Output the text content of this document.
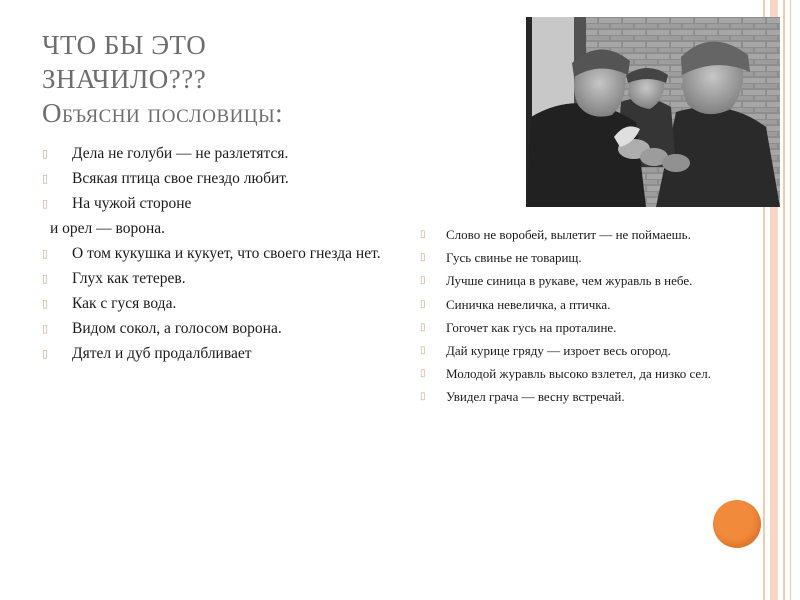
ЧТО БЫ ЭТО
ЗНАЧИЛО???
Объясни пословицы:
▯	Дела не голуби — не разлетятся.
▯	Всякая птица свое гнездо любит.
▯	На чужой стороне
и орел — ворона.
▯	О том кукушка и кукует, что своего гнезда нет.
▯	Глух как тетерев.
▯	Как с гуся вода.
▯	Видом сокол, а голосом ворона.
▯	Дятел и дуб продалбливает
▯	Слово не воробей, вылетит — не поймаешь.
▯	Гусь свинье не товарищ.
▯	Лучше синица в рукаве, чем журавль в небе.
▯	Синичка невеличка, а птичка.
▯	Гогочет как гусь на проталине.
▯	Дай курице гряду — изроет весь огород.
▯	Молодой журавль высоко взлетел, да низко сел.
▯	Увидел грача — весну встречай.
